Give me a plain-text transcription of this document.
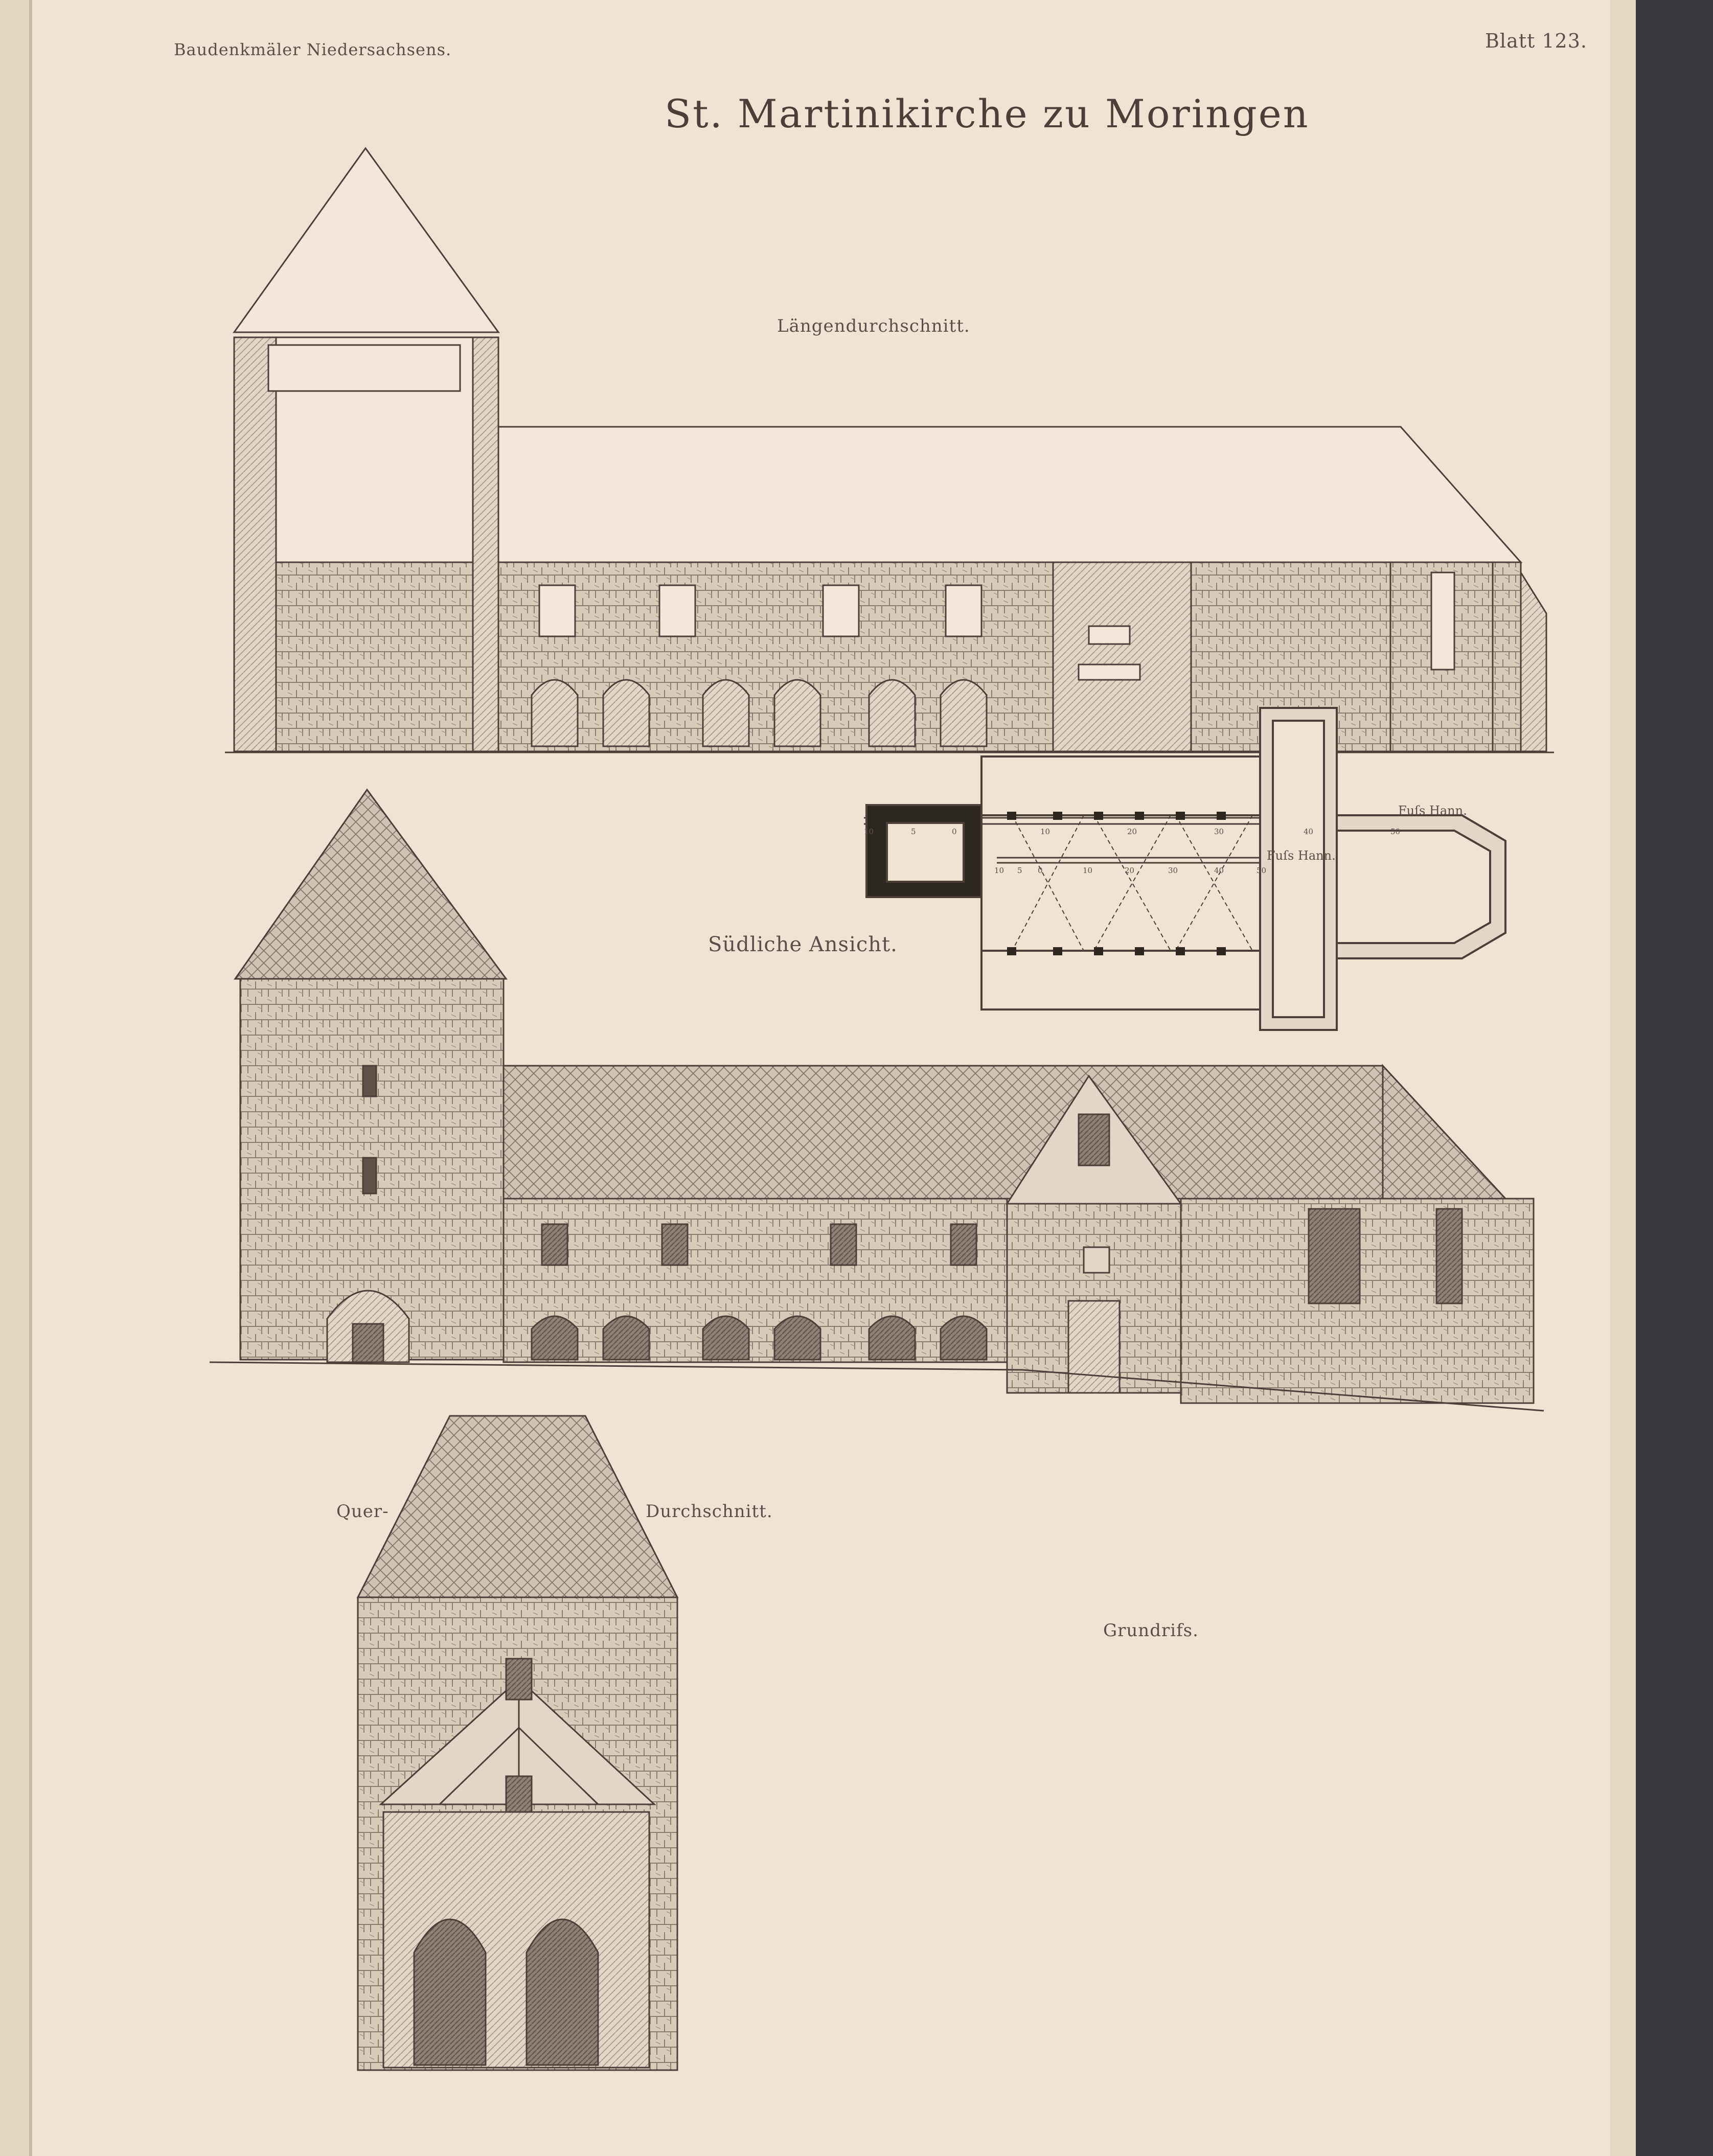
Baudenkmäler Niedersachsens.	Blatt 123.
St. Martinikirche zu Moringen
Längendurchschnitt.
Südliche Ansicht.
Quer-	Durchschnitt.
Grundrifs.
Fuſs Hann.
Fuſs Hann.
10	5	0	10	20	30	40	50
10 5 0	10	20	30	40	50
